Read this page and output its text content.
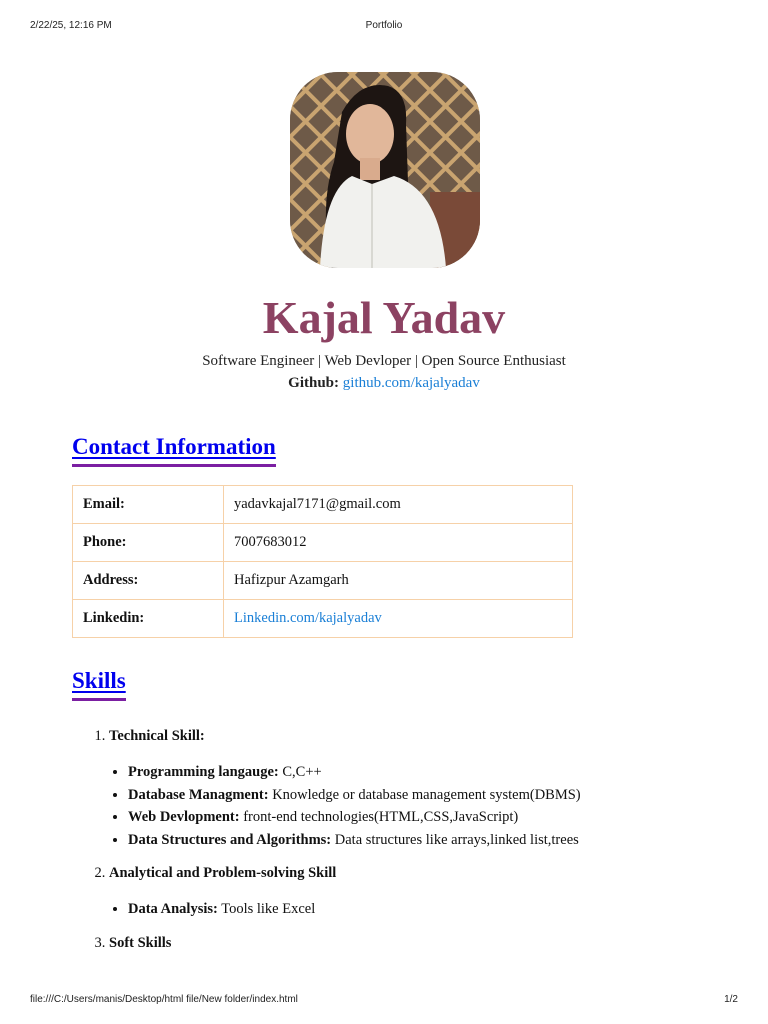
2/22/25, 12:16 PM	Portfolio
Kajal Yadav
Software Engineer | Web Devloper | Open Source Enthusiast
Github: github.com/kajalyadav
Contact Information
Email:	yadavkajal7171@gmail.com
Phone:	7007683012
Address:	Hafizpur Azamgarh
Linkedin:	Linkedin.com/kajalyadav
Skills
1. Technical Skill:
• Programming langauge: C,C++
• Database Managment: Knowledge or database management system(DBMS)
• Web Devlopment: front-end technologies(HTML,CSS,JavaScript)
• Data Structures and Algorithms: Data structures like arrays,linked list,trees
2. Analytical and Problem-solving Skill
• Data Analysis: Tools like Excel
3. Soft Skills
file:///C:/Users/manis/Desktop/html file/New folder/index.html	1/2
